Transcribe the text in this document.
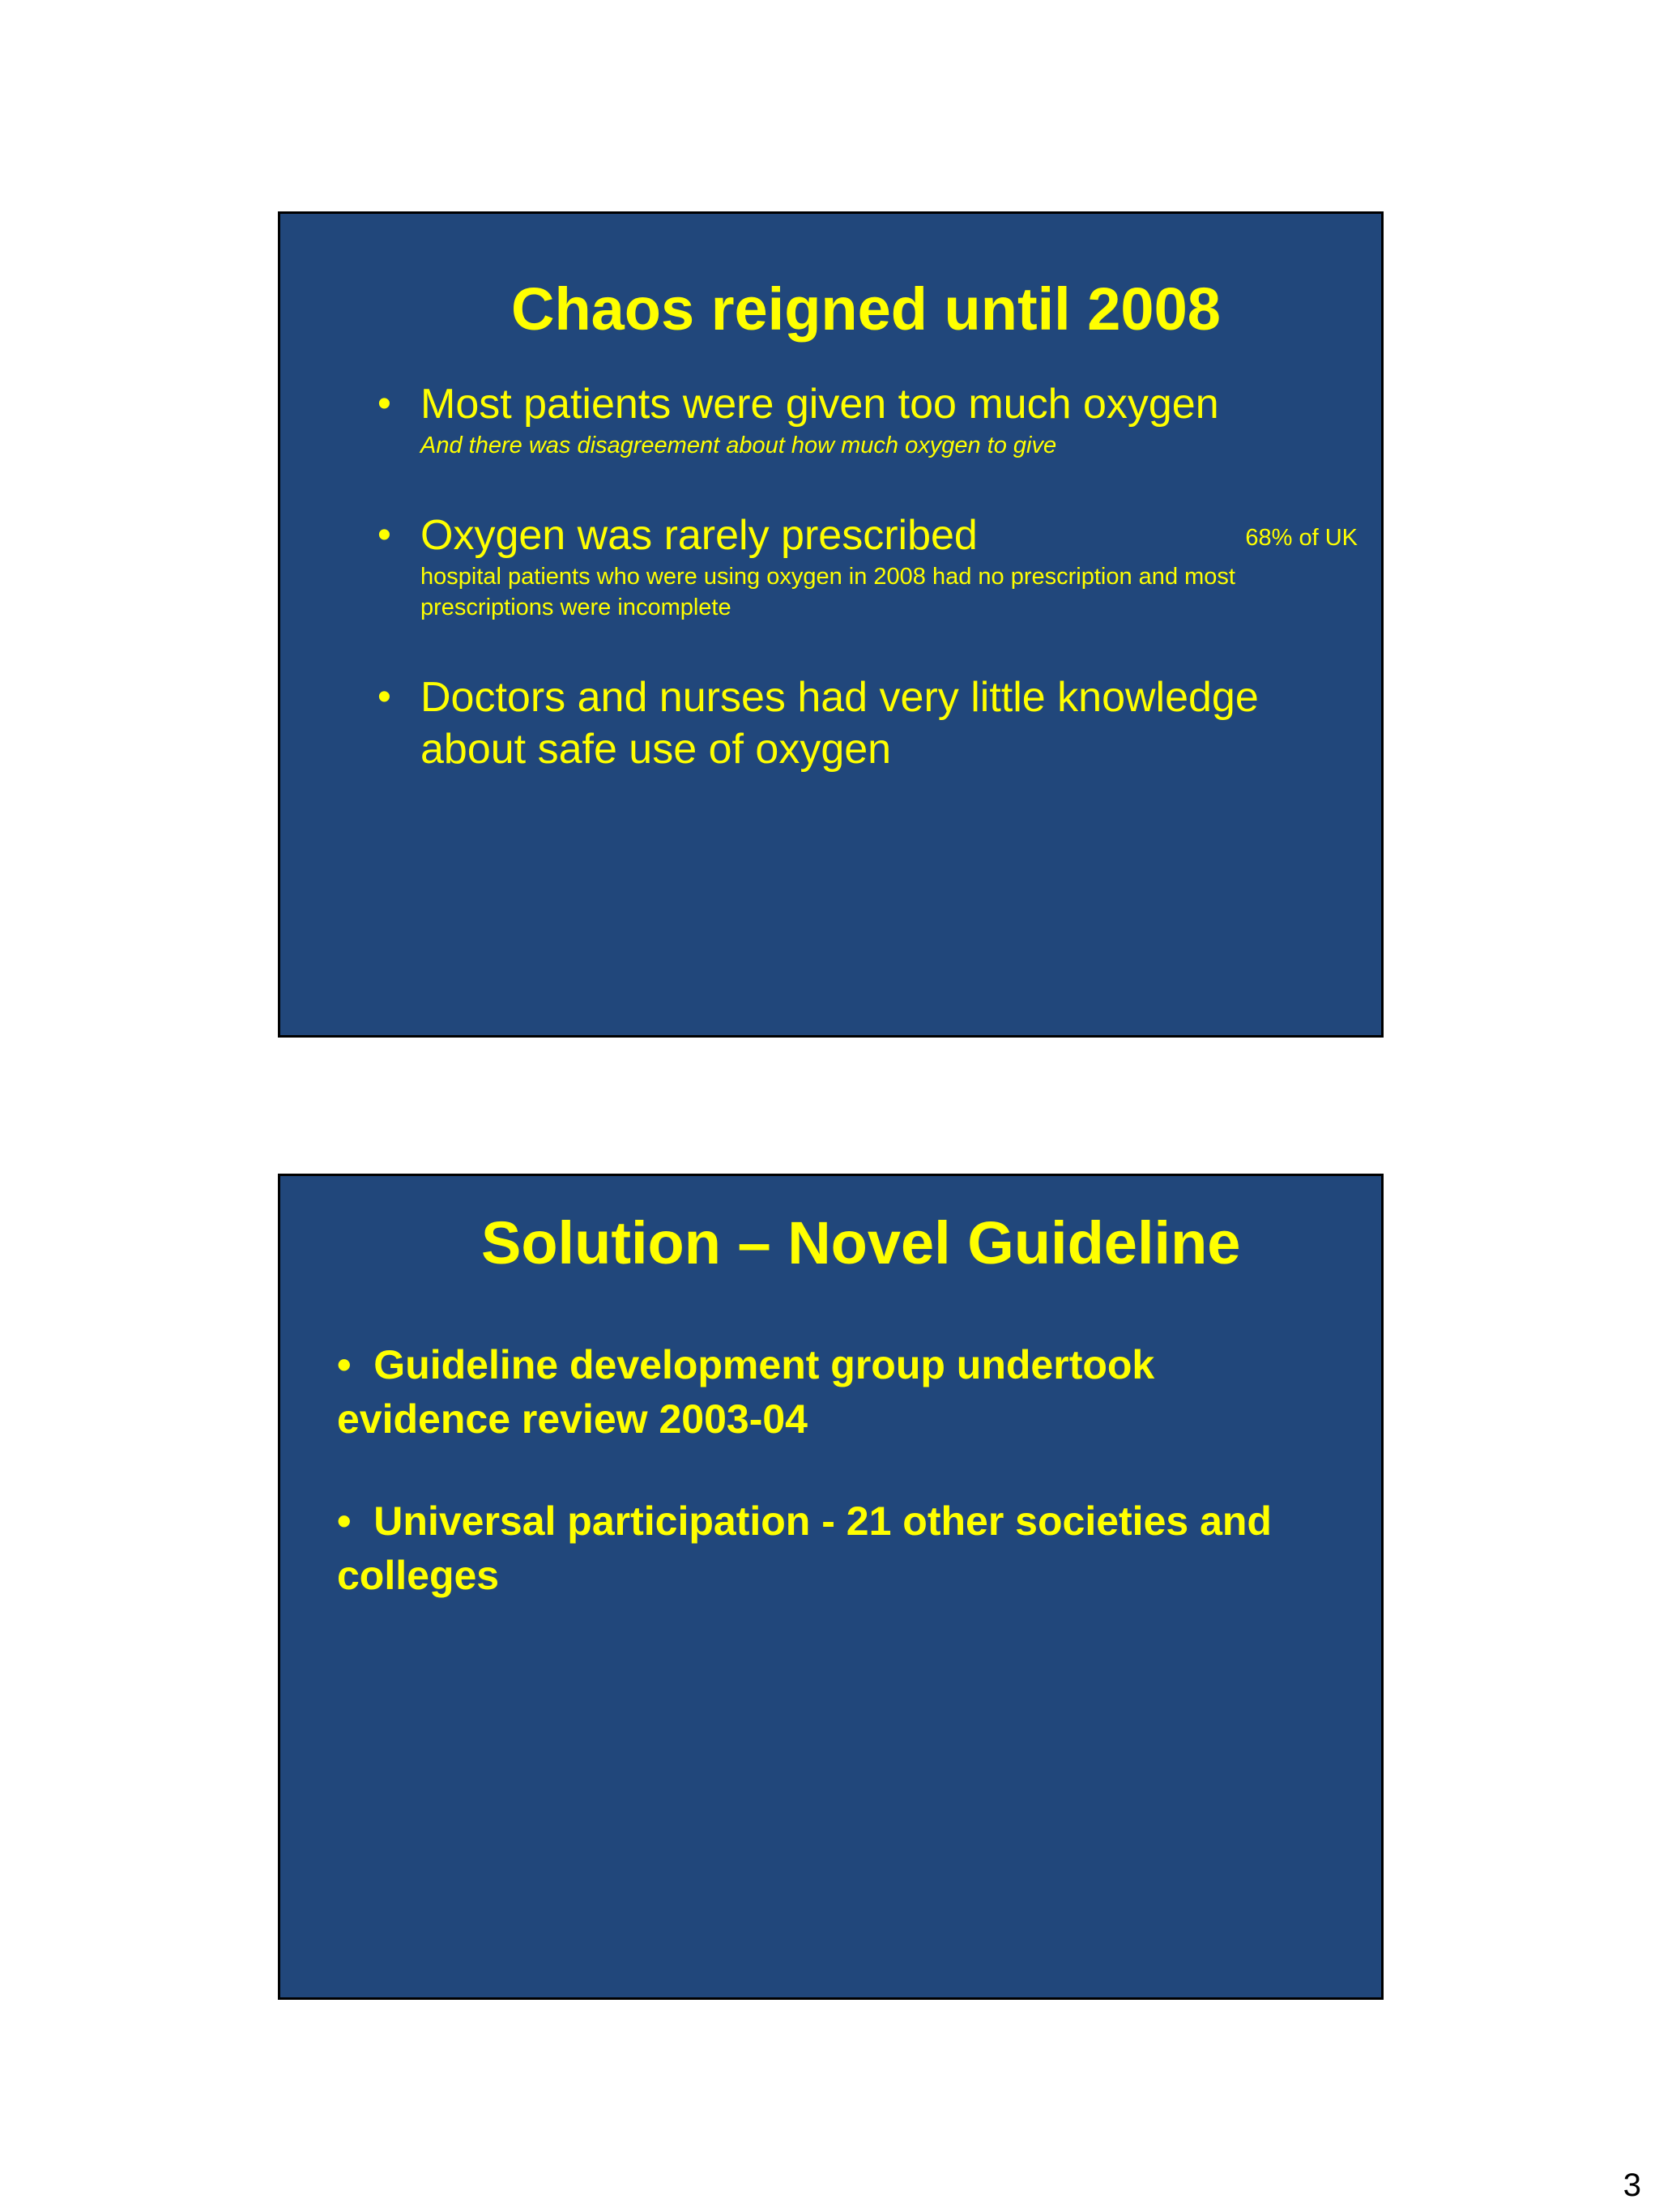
Chaos reigned until 2008
• Most patients were given too much oxygen
And there was disagreement about how much oxygen to give
• Oxygen was rarely prescribed
hospital patients who were using oxygen in 2008 had no prescription and most prescriptions were incomplete
68% of UK
• Doctors and nurses had very little knowledge about safe use of oxygen
Solution – Novel Guideline
•  Guideline development group undertook evidence review 2003-04
•  Universal participation - 21 other societies and colleges
3
